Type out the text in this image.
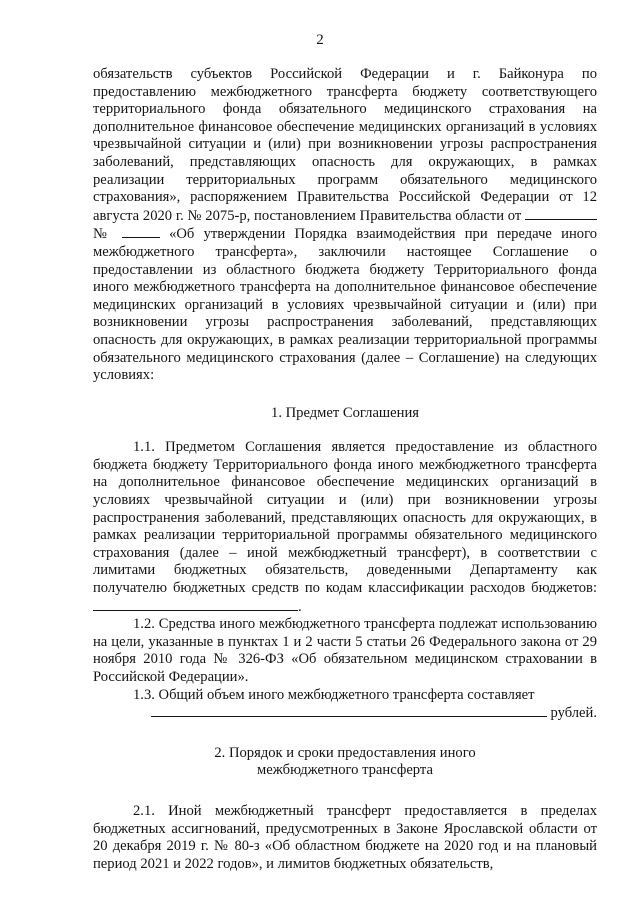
2

обязательств субъектов Российской Федерации и г. Байконура по предоставлению межбюджетного трансферта бюджету соответствующего территориального фонда обязательного медицинского страхования на дополнительное финансовое обеспечение медицинских организаций в условиях чрезвычайной ситуации и (или) при возникновении угрозы распространения заболеваний, представляющих опасность для окружающих, в рамках реализации территориальных программ обязательного медицинского страхования», распоряжением Правительства Российской Федерации от 12 августа 2020 г. № 2075-р, постановлением Правительства области от  №	«Об утверждении Порядка взаимодействия при передаче иного межбюджетного трансферта», заключили настоящее Соглашение о предоставлении из областного бюджета бюджету Территориального фонда иного межбюджетного трансферта на дополнительное финансовое обеспечение медицинских организаций в условиях чрезвычайной ситуации и (или) при возникновении угрозы распространения заболеваний, представляющих опасность для окружающих, в рамках реализации территориальной программы обязательного медицинского страхования (далее – Соглашение) на следующих условиях:

1. Предмет Соглашения

1.1. Предметом Соглашения является предоставление из областного бюджета бюджету Территориального фонда иного межбюджетного трансферта на дополнительное финансовое обеспечение медицинских организаций в условиях чрезвычайной ситуации и (или) при возникновении угрозы распространения заболеваний, представляющих опасность для окружающих, в рамках реализации территориальной программы обязательного медицинского страхования (далее – иной межбюджетный трансферт), в соответствии с лимитами бюджетных обязательств, доведенными Департаменту как получателю бюджетных средств по кодам классификации расходов бюджетов: .

1.2. Средства иного межбюджетного трансферта подлежат использованию на цели, указанные в пунктах 1 и 2 части 5 статьи 26 Федерального закона от 29 ноября 2010 года № 326-ФЗ «Об обязательном медицинском страховании в Российской Федерации».

1.3. Общий объем иного межбюджетного трансферта составляет

рублей.

2. Порядок и сроки предоставления иного

межбюджетного трансферта

2.1. Иной межбюджетный трансферт предоставляется в пределах бюджетных ассигнований, предусмотренных в Законе Ярославской области от 20 декабря 2019 г. № 80-з «Об областном бюджете на 2020 год и на плановый период 2021 и 2022 годов», и лимитов бюджетных обязательств,
